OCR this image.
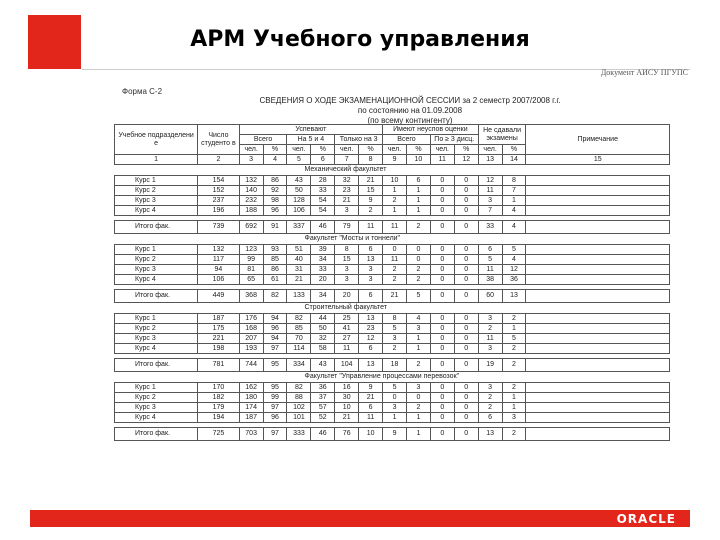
АРМ Учебного управления
Документ АИСУ ПГУПС
Форма С-2
СВЕДЕНИЯ О ХОДЕ ЭКЗАМЕНАЦИОННОЙ СЕССИИ за 2 семестр 2007/2008 г.г.
по состоянию на 01.09.2008
(по всему контингенту)
Учебное подразделени е	Число студенто в	Успевают						Имеют неуспов оценки				Не сдавали экзамены		Примечание
		Всего		На 5 и 4		Только на 3		Всего		По ≥ 3 дисц.				
		чел.	%	чел.	%	чел.	%	чел.	%	чел.	%	чел.	%	
1	2	3	4	5	6	7	8	9	10	11	12	13	14	15
Механический факультет														
Курс 1	154	132	86	43	28	32	21	10	6	0	0	12	8	
Курс 2	152	140	92	50	33	23	15	1	1	0	0	11	7	
Курс 3	237	232	98	128	54	21	9	2	1	0	0	3	1	
Курс 4	196	188	96	106	54	3	2	1	1	0	0	7	4	

Итого фак.	739	692	91	337	46	79	11	11	2	0	0	33	4	
Факультет "Мосты и тоннели"														
Курс 1	132	123	93	51	39	8	6	0	0	0	0	6	5	
Курс 2	117	99	85	40	34	15	13	11	0	0	0	5	4	
Курс 3	94	81	86	31	33	3	3	2	2	0	0	11	12	
Курс 4	106	65	61	21	20	3	3	2	2	0	0	38	36	

Итого фак.	449	368	82	133	34	20	6	21	5	0	0	60	13	
Строительный факультет														
Курс 1	187	176	94	82	44	25	13	8	4	0	0	3	2	
Курс 2	175	168	96	85	50	41	23	5	3	0	0	2	1	
Курс 3	221	207	94	70	32	27	12	3	1	0	0	11	5	
Курс 4	198	193	97	114	58	11	6	2	1	0	0	3	2	

Итого фак.	781	744	95	334	43	104	13	18	2	0	0	19	2	
Факультет "Управление процессами перевозок"														
Курс 1	170	162	95	82	36	16	9	5	3	0	0	3	2	
Курс 2	182	180	99	88	37	30	21	0	0	0	0	2	1	
Курс 3	179	174	97	102	57	10	6	3	2	0	0	2	1	
Курс 4	194	187	96	101	52	21	11	1	1	0	0	6	3	

Итого фак.	725	703	97	333	46	76	10	9	1	0	0	13	2	
ORACLE
